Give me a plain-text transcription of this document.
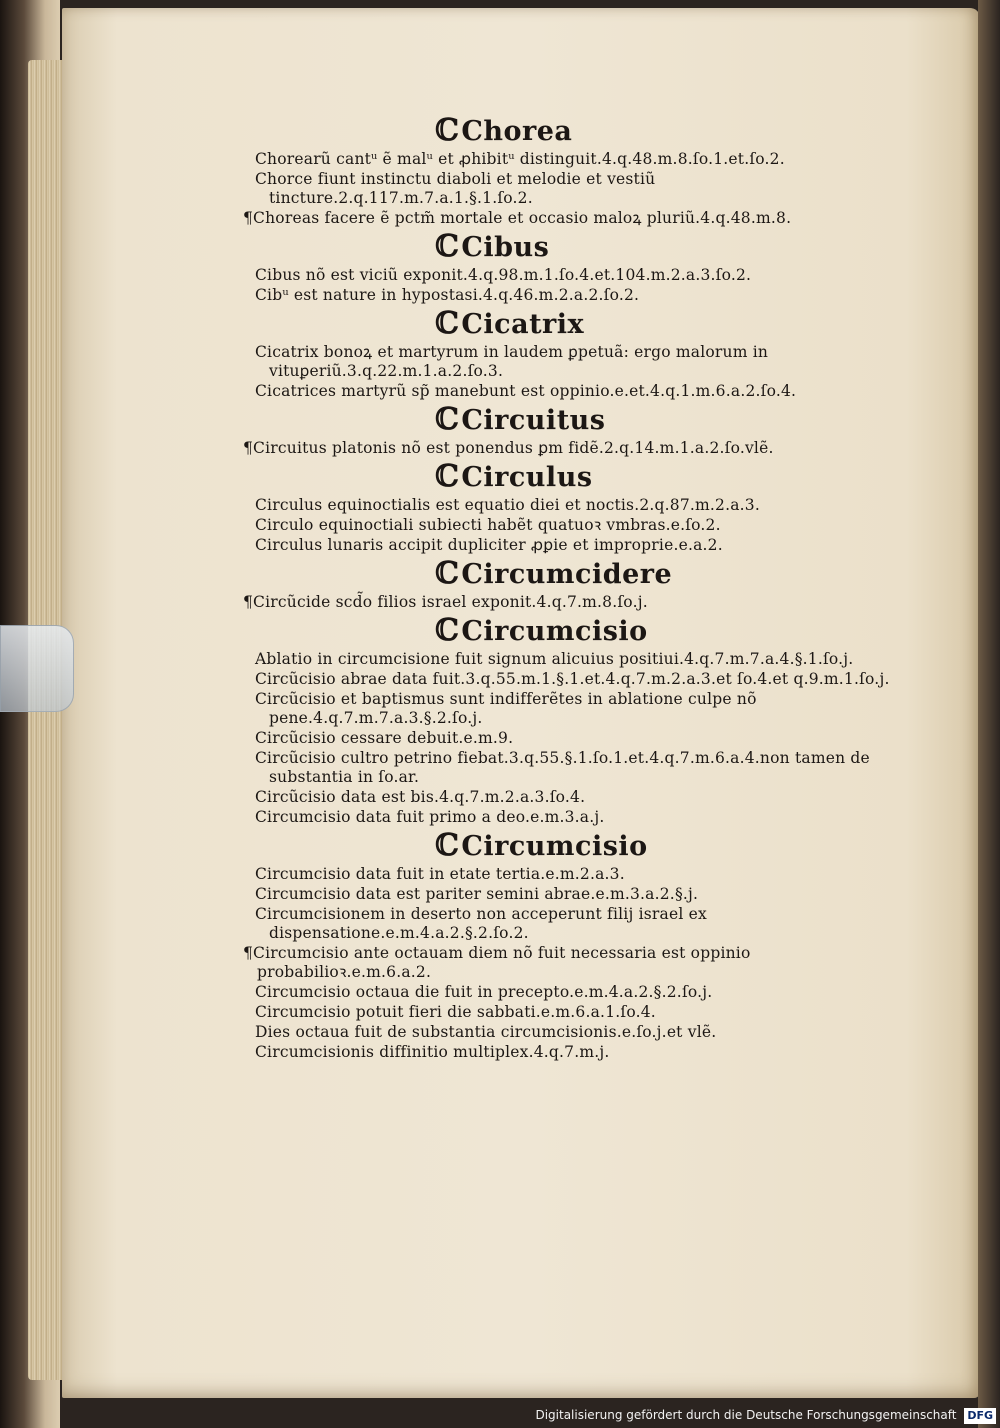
ℂChorea
Chorearũ cantᵘ ẽ malᵘ et ꝓhibitᵘ distinguit.4.q.48.m.8.ſo.1.et.ſo.2.
Chorce fiunt instinctu diaboli et melodie et vestiũ tincture.2.q.117.m.7.a.1.§.1.ſo.2.
¶Choreas facere ẽ pctm̃ mortale et occasio maloꝝ pluriũ.4.q.48.m.8.
ℂCibus
Cibus nõ est viciũ exponit.4.q.98.m.1.ſo.4.et.104.m.2.a.3.ſo.2.
Cibᵘ est nature in hypostasi.4.q.46.m.2.a.2.ſo.2.
ℂCicatrix
Cicatrix bonoꝝ et martyrum in laudem ꝑpetuã: ergo malorum in vituꝑeriũ.3.q.22.m.1.a.2.ſo.3.
Cicatrices martyrũ sp̃ manebunt est oppinio.e.et.4.q.1.m.6.a.2.ſo.4.
ℂCircuitus
¶Circuitus platonis nõ est ponendus ꝑm fidẽ.2.q.14.m.1.a.2.ſo.vlẽ.
ℂCirculus
Circulus equinoctialis est equatio diei et noctis.2.q.87.m.2.a.3.
Circulo equinoctiali subiecti habẽt quatuoꝛ vmbras.e.ſo.2.
Circulus lunaris accipit dupliciter ꝓꝑie et improprie.e.a.2.
ℂCircumcidere
¶Circũcide scd̃o filios israel exponit.4.q.7.m.8.ſo.j.
ℂCircumcisio
Ablatio in circumcisione fuit signum alicuius positiui.4.q.7.m.7.a.4.§.1.ſo.j.
Circũcisio abrae data fuit.3.q.55.m.1.§.1.et.4.q.7.m.2.a.3.et ſo.4.et q.9.m.1.ſo.j.
Circũcisio et baptismus sunt indifferẽtes in ablatione culpe nõ pene.4.q.7.m.7.a.3.§.2.ſo.j.
Circũcisio cessare debuit.e.m.9.
Circũcisio cultro petrino fiebat.3.q.55.§.1.ſo.1.et.4.q.7.m.6.a.4.non tamen de substantia in ſo.ar.
Circũcisio data est bis.4.q.7.m.2.a.3.ſo.4.
Circumcisio data fuit primo a deo.e.m.3.a.j.
ℂCircumcisio
Circumcisio data fuit in etate tertia.e.m.2.a.3.
Circumcisio data est pariter semini abrae.e.m.3.a.2.§.j.
Circumcisionem in deserto non acceperunt filij israel ex dispensatione.e.m.4.a.2.§.2.ſo.2.
¶Circumcisio ante octauam diem nõ fuit necessaria est oppinio probabilioꝛ.e.m.6.a.2.
Circumcisio octaua die fuit in precepto.e.m.4.a.2.§.2.ſo.j.
Circumcisio potuit fieri die sabbati.e.m.6.a.1.ſo.4.
Dies octaua fuit de substantia circumcisionis.e.ſo.j.et vlẽ.
Circumcisionis diffinitio multiplex.4.q.7.m.j.
Digitalisierung gefördert durch die Deutsche Forschungsgemeinschaft DFG
